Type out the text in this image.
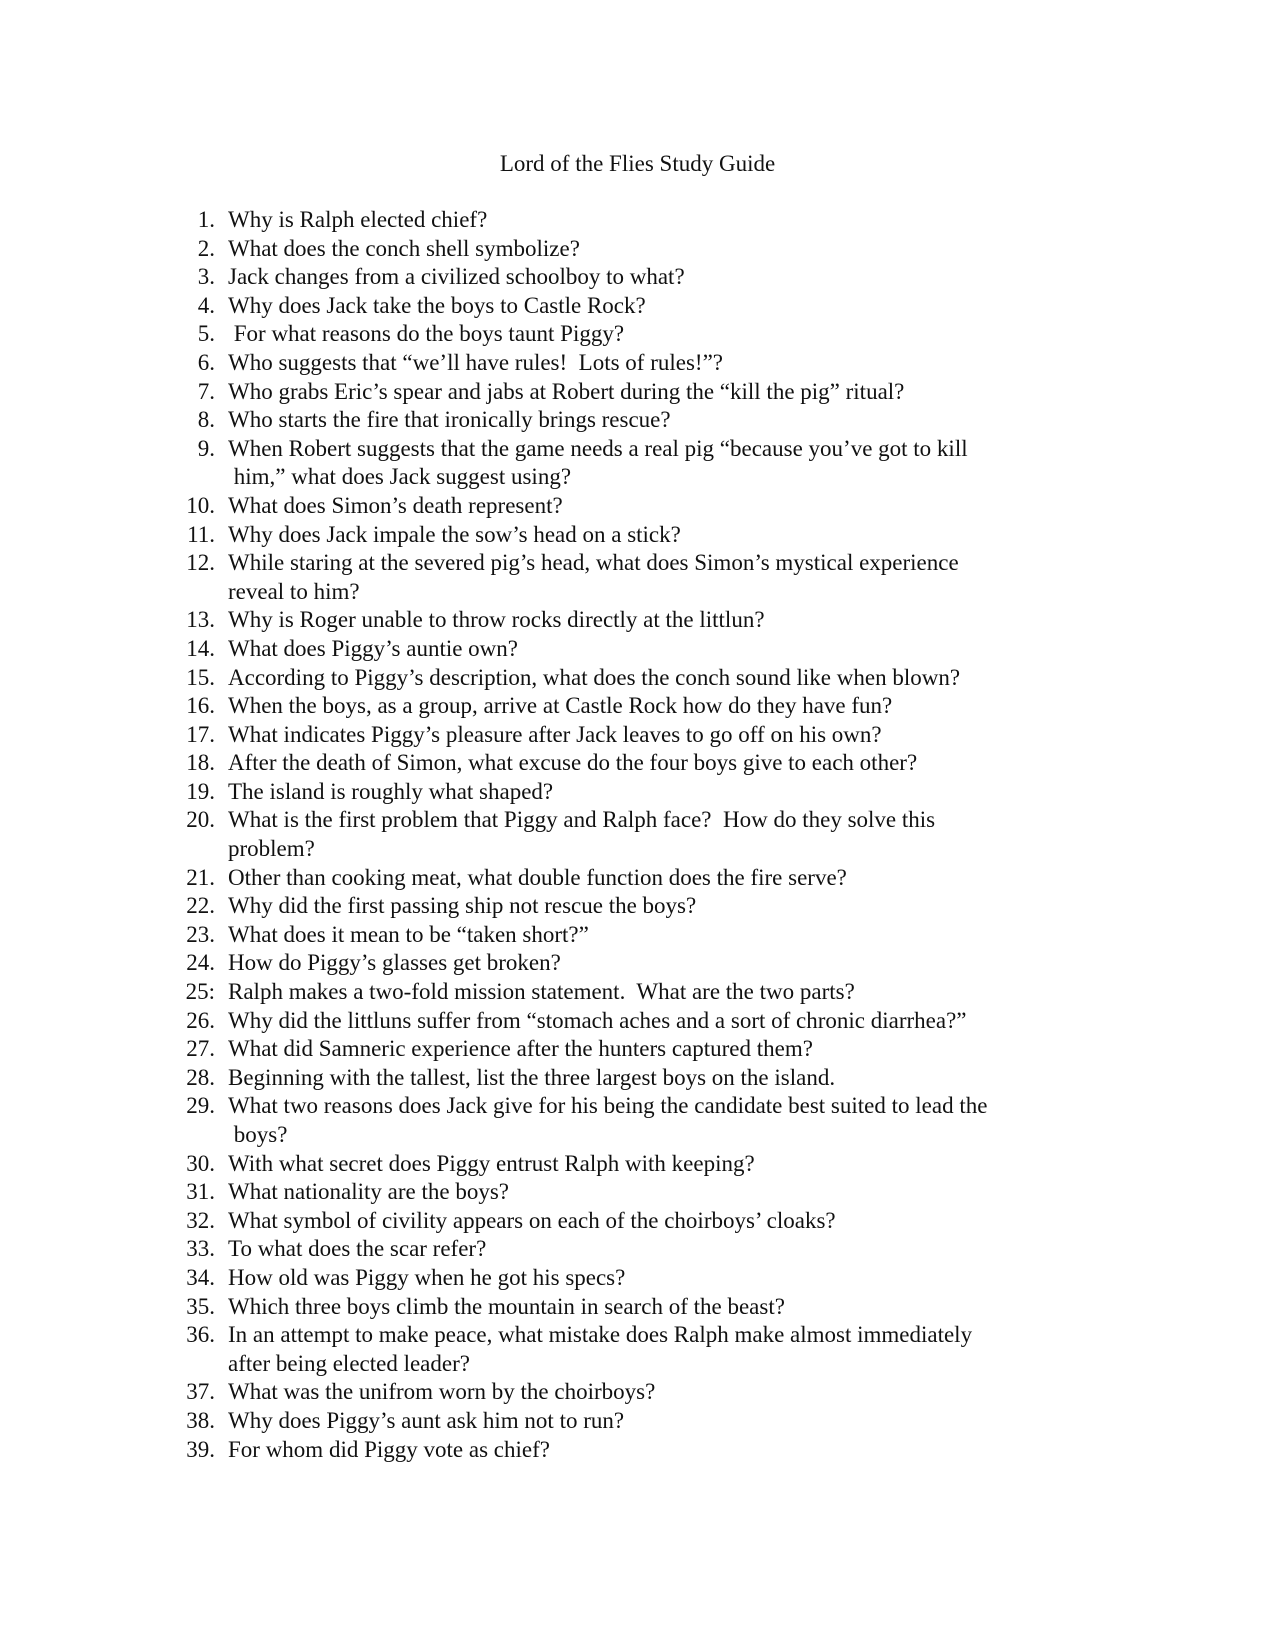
Lord of the Flies Study Guide
1. Why is Ralph elected chief?
2. What does the conch shell symbolize?
3. Jack changes from a civilized schoolboy to what?
4. Why does Jack take the boys to Castle Rock?
5. For what reasons do the boys taunt Piggy?
6. Who suggests that “we’ll have rules!  Lots of rules!”?
7. Who grabs Eric’s spear and jabs at Robert during the “kill the pig” ritual?
8. Who starts the fire that ironically brings rescue?
9. When Robert suggests that the game needs a real pig “because you’ve got to kill
him,” what does Jack suggest using?
10. What does Simon’s death represent?
11. Why does Jack impale the sow’s head on a stick?
12. While staring at the severed pig’s head, what does Simon’s mystical experience
reveal to him?
13. Why is Roger unable to throw rocks directly at the littlun?
14. What does Piggy’s auntie own?
15. According to Piggy’s description, what does the conch sound like when blown?
16. When the boys, as a group, arrive at Castle Rock how do they have fun?
17. What indicates Piggy’s pleasure after Jack leaves to go off on his own?
18. After the death of Simon, what excuse do the four boys give to each other?
19. The island is roughly what shaped?
20. What is the first problem that Piggy and Ralph face?  How do they solve this
problem?
21. Other than cooking meat, what double function does the fire serve?
22. Why did the first passing ship not rescue the boys?
23. What does it mean to be “taken short?”
24. How do Piggy’s glasses get broken?
25: Ralph makes a two-fold mission statement.  What are the two parts?
26. Why did the littluns suffer from “stomach aches and a sort of chronic diarrhea?”
27. What did Samneric experience after the hunters captured them?
28. Beginning with the tallest, list the three largest boys on the island.
29. What two reasons does Jack give for his being the candidate best suited to lead the
boys?
30. With what secret does Piggy entrust Ralph with keeping?
31. What nationality are the boys?
32. What symbol of civility appears on each of the choirboys’ cloaks?
33. To what does the scar refer?
34. How old was Piggy when he got his specs?
35. Which three boys climb the mountain in search of the beast?
36. In an attempt to make peace, what mistake does Ralph make almost immediately
after being elected leader?
37. What was the unifrom worn by the choirboys?
38. Why does Piggy’s aunt ask him not to run?
39. For whom did Piggy vote as chief?
